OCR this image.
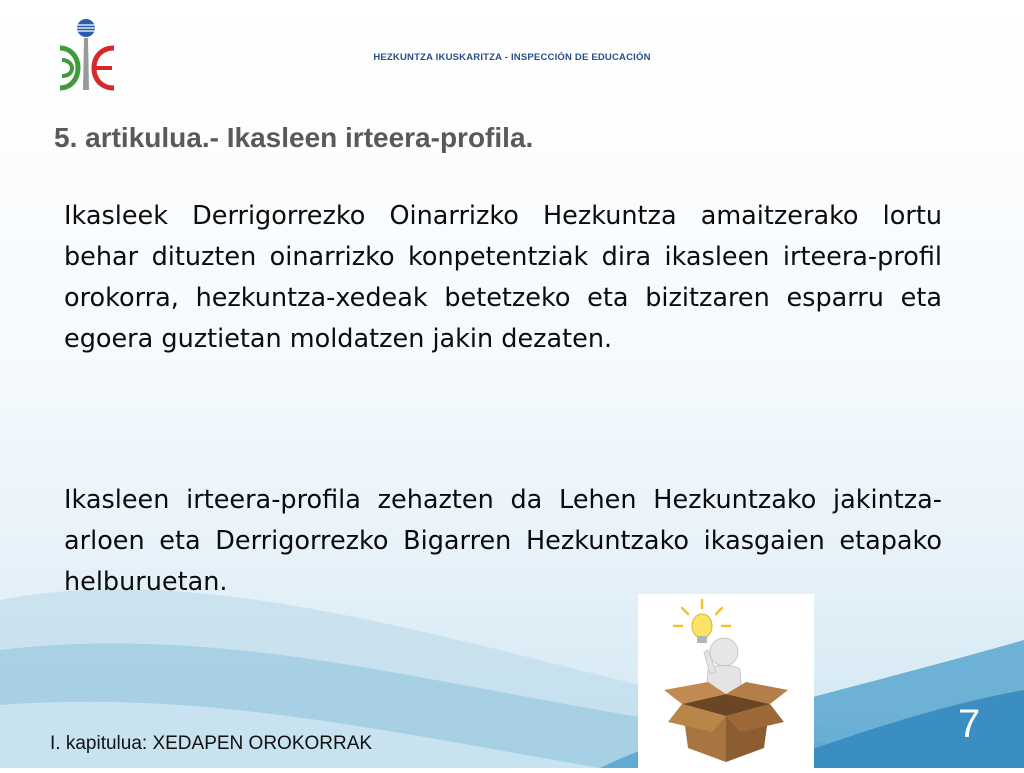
HEZKUNTZA IKUSKARITZA - INSPECCIÓN DE EDUCACIÓN
5. artikulua.- Ikasleen irteera-profila.
Ikasleek Derrigorrezko Oinarrizko Hezkuntza amaitzerako lortu behar dituzten oinarrizko konpetentziak dira ikasleen irteera-profil orokorra, hezkuntza-xedeak betetzeko eta bizitzaren esparru eta egoera guztietan moldatzen jakin dezaten.
Ikasleen irteera-profila zehazten da Lehen Hezkuntzako jakintza-arloen eta Derrigorrezko Bigarren Hezkuntzako ikasgaien etapako helburuetan.
I. kapitulua: XEDAPEN OROKORRAK	7
